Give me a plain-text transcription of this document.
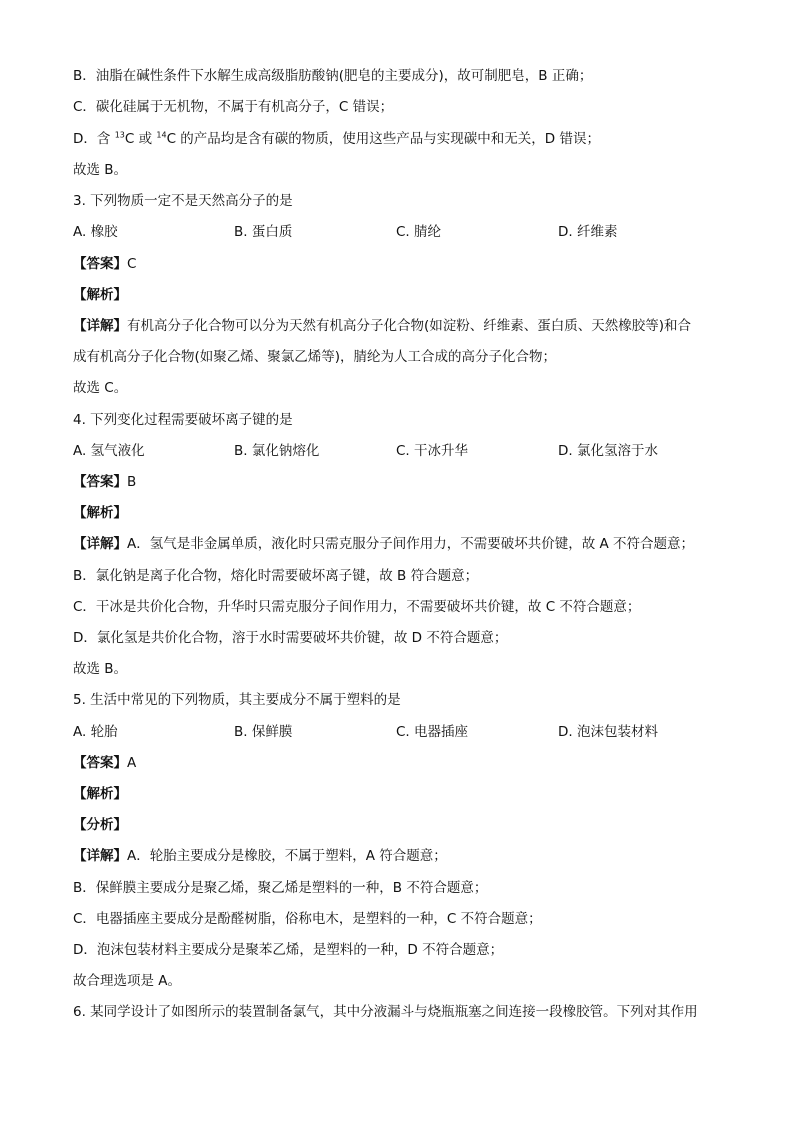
B．油脂在碱性条件下水解生成高级脂肪酸钠(肥皂的主要成分)，故可制肥皂，B 正确；
C．碳化硅属于无机物，不属于有机高分子，C 错误；
D．含 $^{13}$C 或 $^{14}$C 的产品均是含有碳的物质，使用这些产品与实现碳中和无关，D 错误；
故选 B。
3. 下列物质一定不是天然高分子的是
A. 橡胶	B. 蛋白质	C. 腈纶	D. 纤维素
【答案】C
【解析】
【详解】有机高分子化合物可以分为天然有机高分子化合物(如淀粉、纤维素、蛋白质、天然橡胶等)和合
成有机高分子化合物(如聚乙烯、聚氯乙烯等)，腈纶为人工合成的高分子化合物；
故选 C。
4. 下列变化过程需要破坏离子键的是
A. 氢气液化	B. 氯化钠熔化	C. 干冰升华	D. 氯化氢溶于水
【答案】B
【解析】
【详解】A．氢气是非金属单质，液化时只需克服分子间作用力，不需要破坏共价键，故 A 不符合题意；
B．氯化钠是离子化合物，熔化时需要破坏离子键，故 B 符合题意；
C．干冰是共价化合物，升华时只需克服分子间作用力，不需要破坏共价键，故 C 不符合题意；
D．氯化氢是共价化合物，溶于水时需要破坏共价键，故 D 不符合题意；
故选 B。
5. 生活中常见的下列物质，其主要成分不属于塑料的是
A. 轮胎	B. 保鲜膜	C. 电器插座	D. 泡沫包装材料
【答案】A
【解析】
【分析】
【详解】A．轮胎主要成分是橡胶，不属于塑料，A 符合题意；
B．保鲜膜主要成分是聚乙烯，聚乙烯是塑料的一种，B 不符合题意；
C．电器插座主要成分是酚醛树脂，俗称电木，是塑料的一种，C 不符合题意；
D．泡沫包装材料主要成分是聚苯乙烯，是塑料的一种，D 不符合题意；
故合理选项是 A。
6. 某同学设计了如图所示的装置制备氯气，其中分液漏斗与烧瓶瓶塞之间连接一段橡胶管。下列对其作用
